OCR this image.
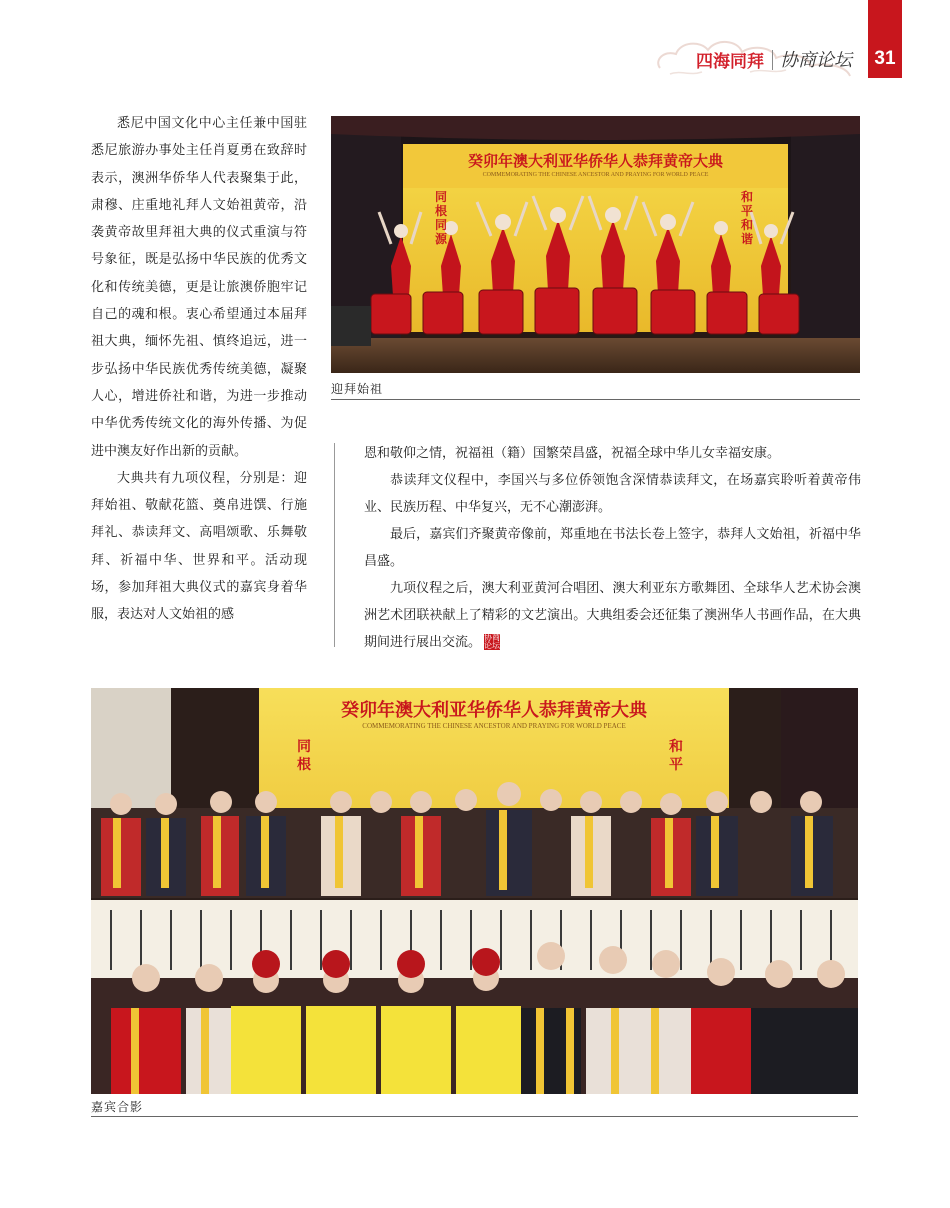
四海同拜 协商论坛	31

悉尼中国文化中心主任兼中国驻悉尼旅游办事处主任肖夏勇在致辞时表示，澳洲华侨华人代表聚集于此，肃穆、庄重地礼拜人文始祖黄帝，沿袭黄帝故里拜祖大典的仪式重演与符号象征，既是弘扬中华民族的优秀文化和传统美德，更是让旅澳侨胞牢记自己的魂和根。衷心希望通过本届拜祖大典，缅怀先祖、慎终追远，进一步弘扬中华民族优秀传统美德，凝聚人心，增进侨社和谐，为进一步推动中华优秀传统文化的海外传播、为促进中澳友好作出新的贡献。

大典共有九项仪程，分别是：迎拜始祖、敬献花篮、奠帛进馔、行施拜礼、恭读拜文、高唱颂歌、乐舞敬拜、祈福中华、世界和平。活动现场，参加拜祖大典仪式的嘉宾身着华服，表达对人文始祖的感

癸卯年澳大利亚华侨华人恭拜黄帝大典
COMMEMORATING THE CHINESE ANCESTOR AND PRAYING FOR WORLD PEACE
同根同源
和平和谐
迎拜始祖

恩和敬仰之情，祝福祖（籍）国繁荣昌盛，祝福全球中华儿女幸福安康。

恭读拜文仪程中，李国兴与多位侨领饱含深情恭读拜文，在场嘉宾聆听着黄帝伟业、民族历程、中华复兴，无不心潮澎湃。

最后，嘉宾们齐聚黄帝像前，郑重地在书法长卷上签字，恭拜人文始祖，祈福中华昌盛。

九项仪程之后，澳大利亚黄河合唱团、澳大利亚东方歌舞团、全球华人艺术协会澳洲艺术团联袂献上了精彩的文艺演出。大典组委会还征集了澳洲华人书画作品，在大典期间进行展出交流。 协商论坛

癸卯年澳大利亚华侨华人恭拜黄帝大典
COMMEMORATING THE CHINESE ANCESTOR AND PRAYING FOR WORLD PEACE
同根
和平
嘉宾合影
